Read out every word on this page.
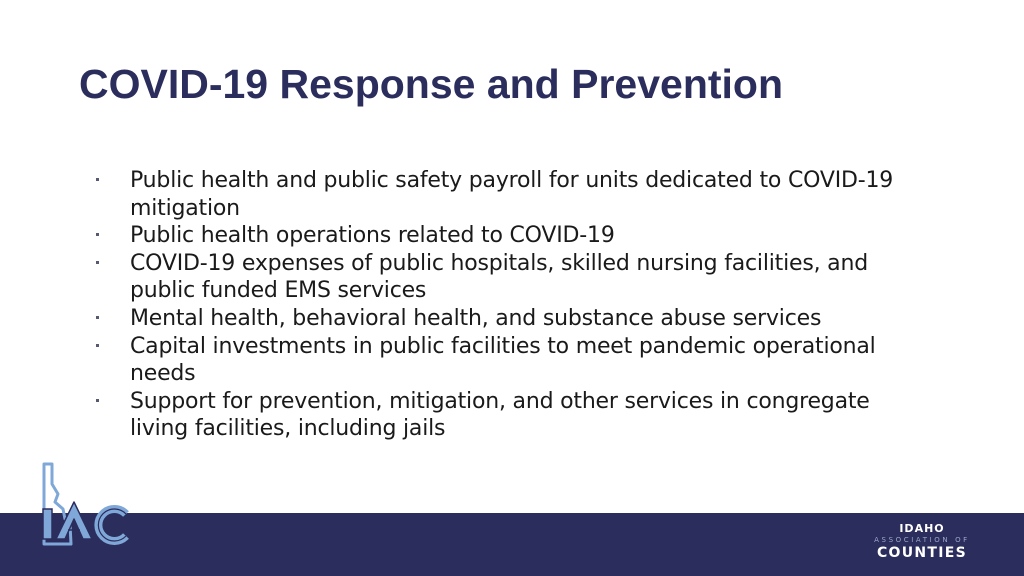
COVID-19 Response and Prevention
Public health and public safety payroll for units dedicated to COVID-19 mitigation
Public health operations related to COVID-19
COVID-19 expenses of public hospitals, skilled nursing facilities, and public funded EMS services
Mental health, behavioral health, and substance abuse services
Capital investments in public facilities to meet pandemic operational needs
Support for prevention, mitigation, and other services in congregate living facilities, including jails
IDAHO
ASSOCIATION OF
COUNTIES
